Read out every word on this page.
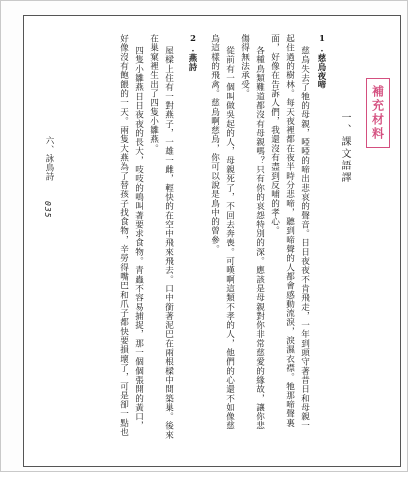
補充材料
一、課文語譯
1.慈烏夜啼
慈烏失去了牠的母親，啞啞的啼出悲哀的聲音。日日夜夜不肯飛走，一年到頭守著昔日和母親一
起住過的樹林。每天夜裡都在夜半時分悲啼，聽到啼聲的人都會感動流淚，淚濕衣襟。牠那啼聲裏
面，好像在告訴人們，我還沒有盡到反哺的孝心。
各種鳥類難道都沒有母親嗎？只有你的哀怨特別的深。應該是母親對你非常慈愛的緣故，讓你悲
傷得無法承受。
從前有一個叫做吳起的人，母親死了，不回去奔喪。可嘆啊這類不孝的人，他們的心還不如像慈
烏這樣的飛禽。慈烏啊慈烏，你可以說是鳥中的曾參。
2.燕詩
屋樑上住有一對燕子，一雄一雌，輕快的在空中飛來飛去。口中銜著泥巴在兩根樑中間築巢。後來
在巢窠裡生出了四隻小雛燕。
四隻小雛燕日日夜夜的長大，吱吱的鳴叫著要求食物。青蟲不容易捕捉，那一個個張開的黃口，
好像沒有飽餵的一天。兩隻大燕為了替孩子找食物，辛勞得嘴巴和爪子都快要損壞了，可是卻一點也
六、詠鳥詩
035
